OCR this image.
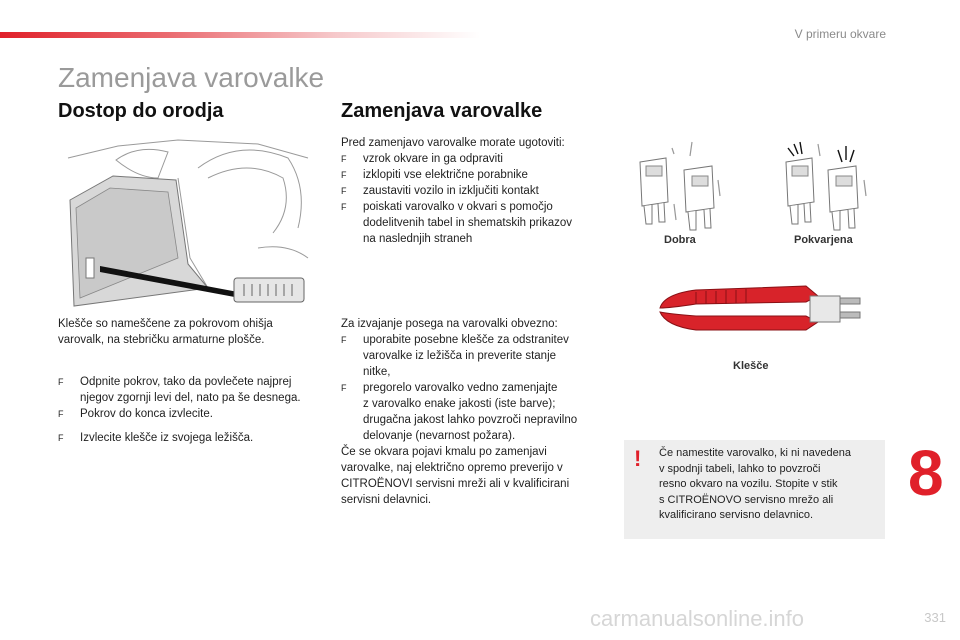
V primeru okvare
Zamenjava varovalke
Dostop do orodja	Zamenjava varovalke
Klešče so nameščene za pokrovom ohišja
varovalk, na stebričku armaturne plošče.
F Odpnite pokrov, tako da povlečete najprej
njegov zgornji levi del, nato pa še desnega.
F Pokrov do konca izvlecite.
F Izvlecite klešče iz svojega ležišča.
Pred zamenjavo varovalke morate ugotoviti:
F vzrok okvare in ga odpraviti
F izklopiti vse električne porabnike
F zaustaviti vozilo in izključiti kontakt
F poiskati varovalko v okvari s pomočjo
dodelitvenih tabel in shematskih prikazov
na naslednjih straneh
Za izvajanje posega na varovalki obvezno:
F uporabite posebne klešče za odstranitev
varovalke iz ležišča in preverite stanje
nitke,
F pregorelo varovalko vedno zamenjajte
z varovalko enake jakosti (iste barve);
drugačna jakost lahko povzroči nepravilno
delovanje (nevarnost požara).
Če se okvara pojavi kmalu po zamenjavi
varovalke, naj električno opremo preverijo v
CITROËNOVI servisni mreži ali v kvalificirani
servisni delavnici.
Dobra	Pokvarjena
Klešče
! Če namestite varovalko, ki ni navedena
v spodnji tabeli, lahko to povzroči
resno okvaro na vozilu. Stopite v stik
s CITROËNOVO servisno mrežo ali
kvalificirano servisno delavnico.
8
carmanualsonline.info	331
